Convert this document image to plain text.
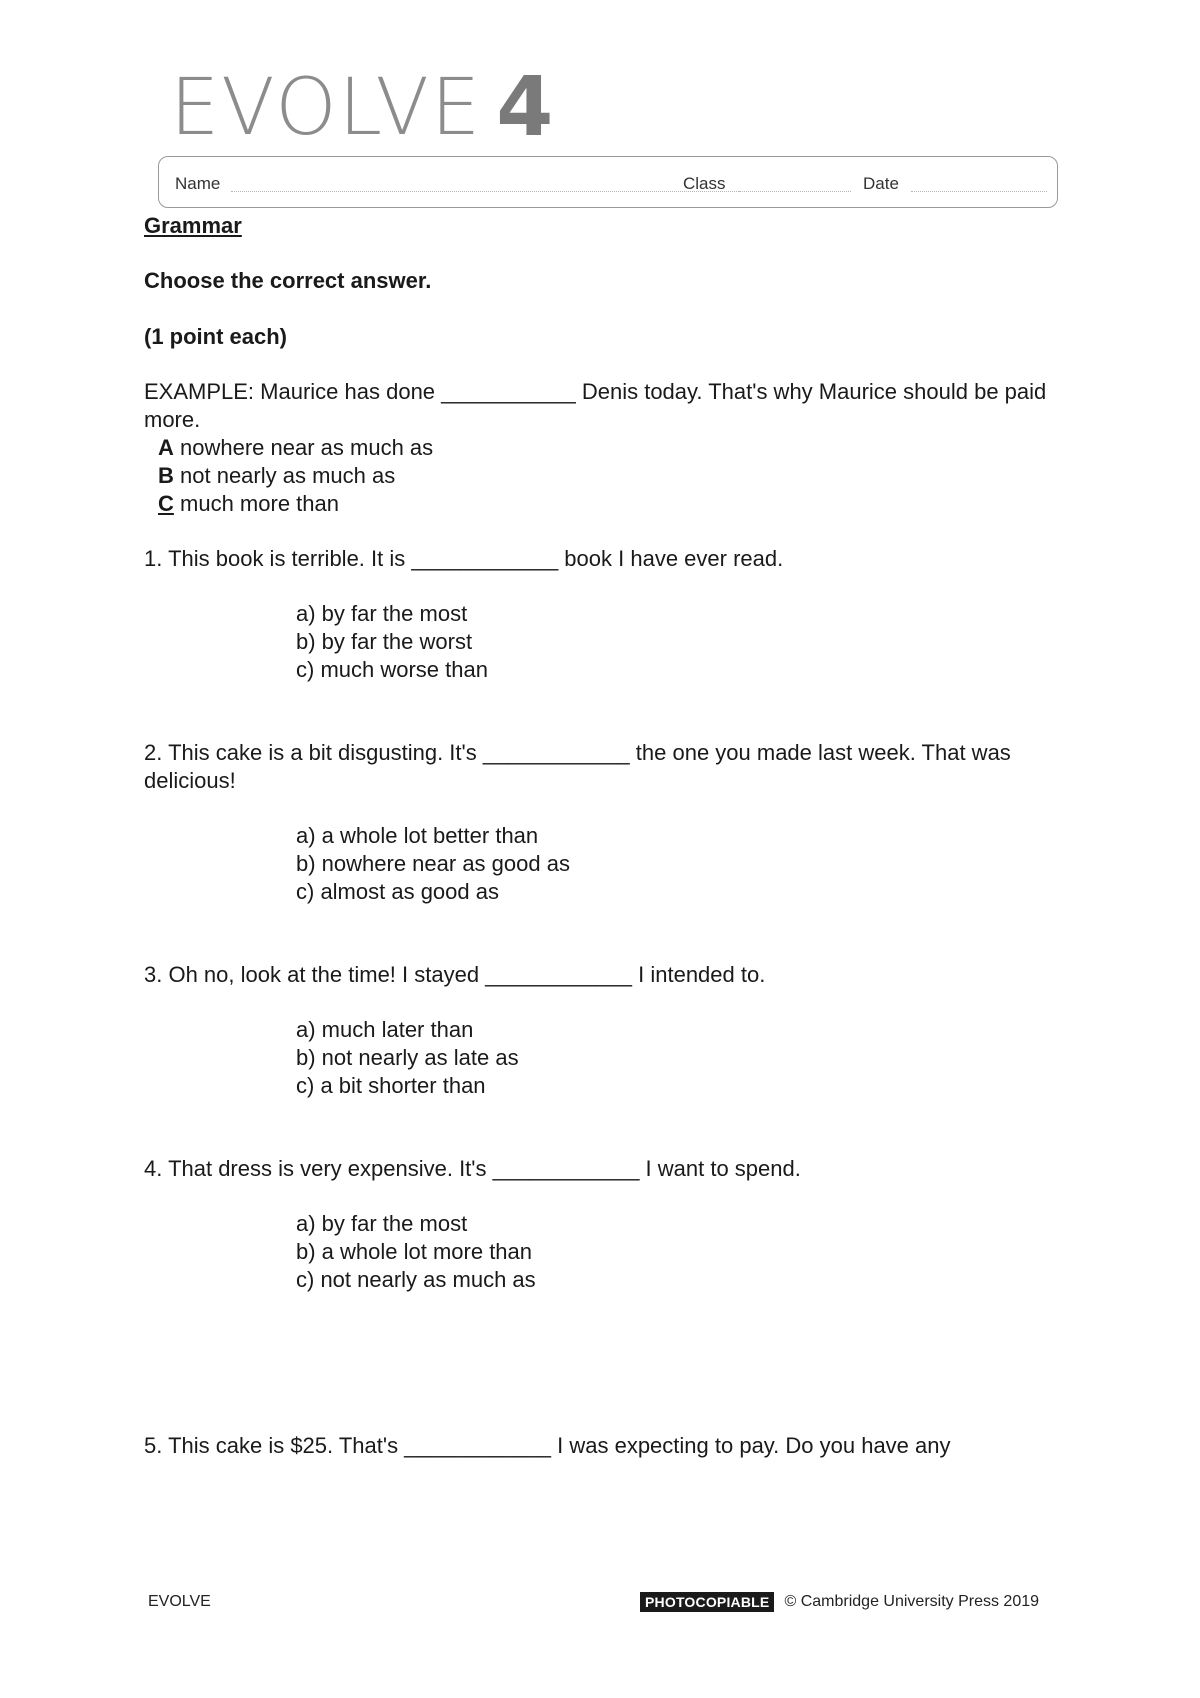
EVOLVE 4
Name	Class	Date

Grammar

Choose the correct answer.

(1 point each)

EXAMPLE: Maurice has done ___________ Denis today. That's why Maurice should be paid more.

A nowhere near as much as
B not nearly as much as
C much more than

1. This book is terrible. It is ____________ book I have ever read.

a) by far the most
b) by far the worst
c) much worse than

2. This cake is a bit disgusting. It's ____________ the one you made last week. That was delicious!

a) a whole lot better than
b) nowhere near as good as
c) almost as good as

3. Oh no, look at the time! I stayed ____________ I intended to.

a) much later than
b) not nearly as late as
c) a bit shorter than

4. That dress is very expensive. It's ____________ I want to spend.

a) by far the most
b) a whole lot more than
c) not nearly as much as

5. This cake is $25. That's ____________ I was expecting to pay. Do you have any

EVOLVE	PHOTOCOPIABLE © Cambridge University Press 2019
